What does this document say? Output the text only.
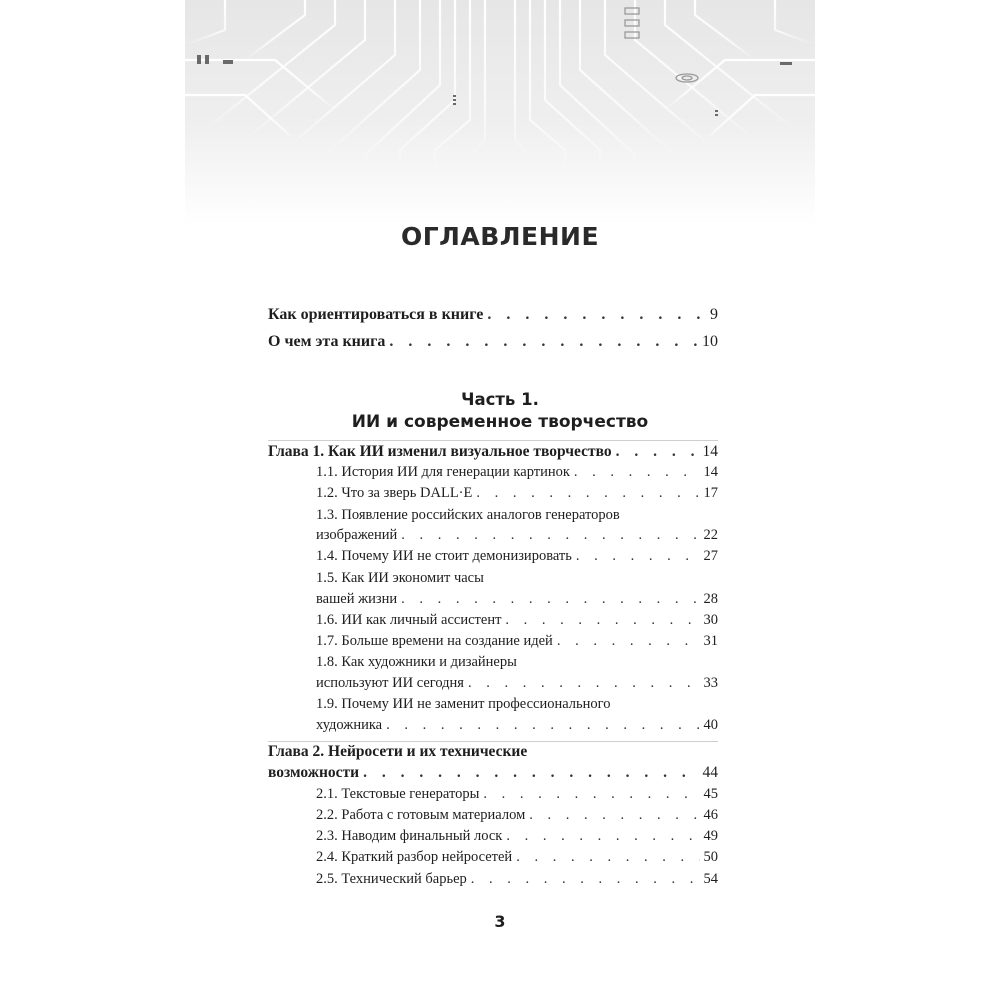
ОГЛАВЛЕНИЕ
Как ориентироваться в книге . . .	9
О чем эта книга . . .	10
Часть 1.
ИИ и современное творчество
Глава 1. Как ИИ изменил визуальное творчество . . .	14
1.1. История ИИ для генерации картинок . . .	14
1.2. Что за зверь DALL·E . . .	17
1.3. Появление российских аналогов генераторов
изображений . . .	22
1.4. Почему ИИ не стоит демонизировать . . .	27
1.5. Как ИИ экономит часы
вашей жизни . . .	28
1.6. ИИ как личный ассистент . . .	30
1.7. Больше времени на создание идей . . .	31
1.8. Как художники и дизайнеры
используют ИИ сегодня . . .	33
1.9. Почему ИИ не заменит профессионального
художника . . .	40
Глава 2. Нейросети и их технические
возможности . . .	44
2.1. Текстовые генераторы . . .	45
2.2. Работа с готовым материалом . . .	46
2.3. Наводим финальный лоск . . .	49
2.4. Краткий разбор нейросетей . . .	50
2.5. Технический барьер . . .	54
3
